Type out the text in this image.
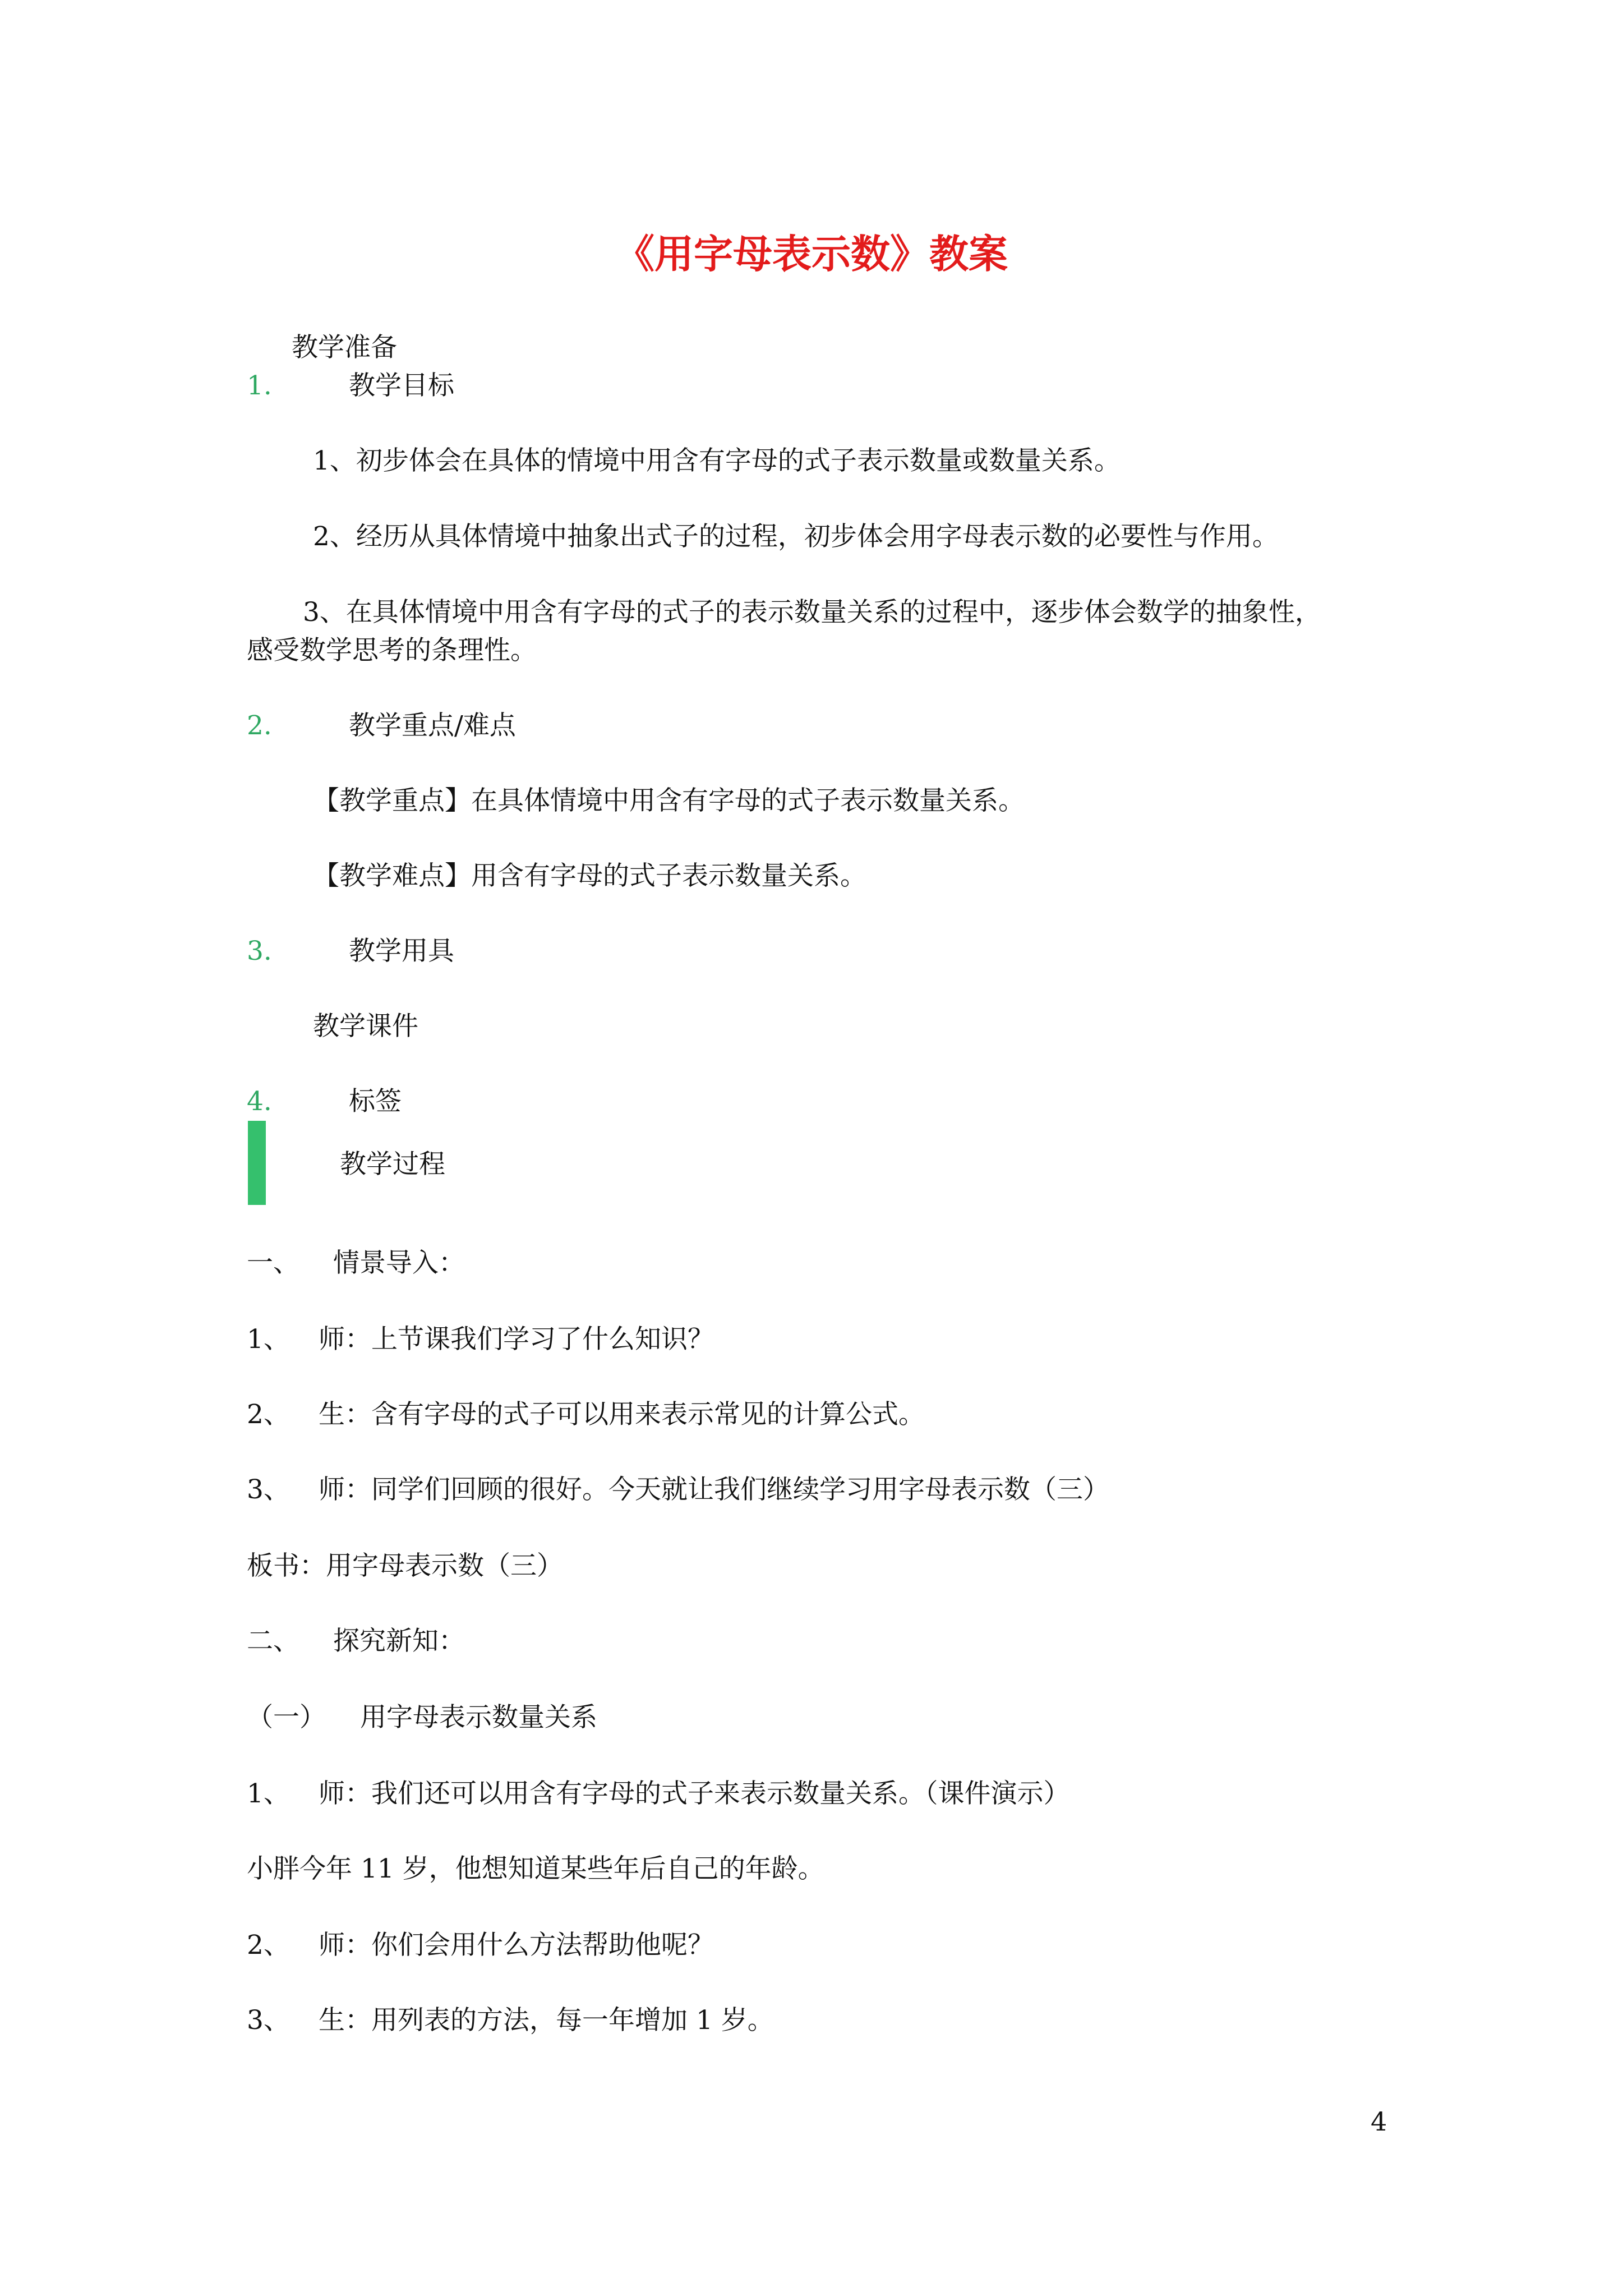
《用字母表示数》教案
教学准备
1.	教学目标
1、初步体会在具体的情境中用含有字母的式子表示数量或数量关系。
2、经历从具体情境中抽象出式子的过程，初步体会用字母表示数的必要性与作用。
3、在具体情境中用含有字母的式子的表示数量关系的过程中，逐步体会数学的抽象性，
感受数学思考的条理性。
2.	教学重点/难点
【教学重点】在具体情境中用含有字母的式子表示数量关系。
【教学难点】用含有字母的式子表示数量关系。
3.	教学用具
教学课件
4.	标签
教学过程
一、 情景导入：
1、 师：上节课我们学习了什么知识？
2、 生：含有字母的式子可以用来表示常见的计算公式。
3、 师：同学们回顾的很好。今天就让我们继续学习用字母表示数（三）
板书：用字母表示数（三）
二、 探究新知：
（一） 用字母表示数量关系
1、 师：我们还可以用含有字母的式子来表示数量关系。（课件演示）
小胖今年 11 岁，他想知道某些年后自己的年龄。
2、 师：你们会用什么方法帮助他呢？
3、 生：用列表的方法，每一年增加 1 岁。
4
